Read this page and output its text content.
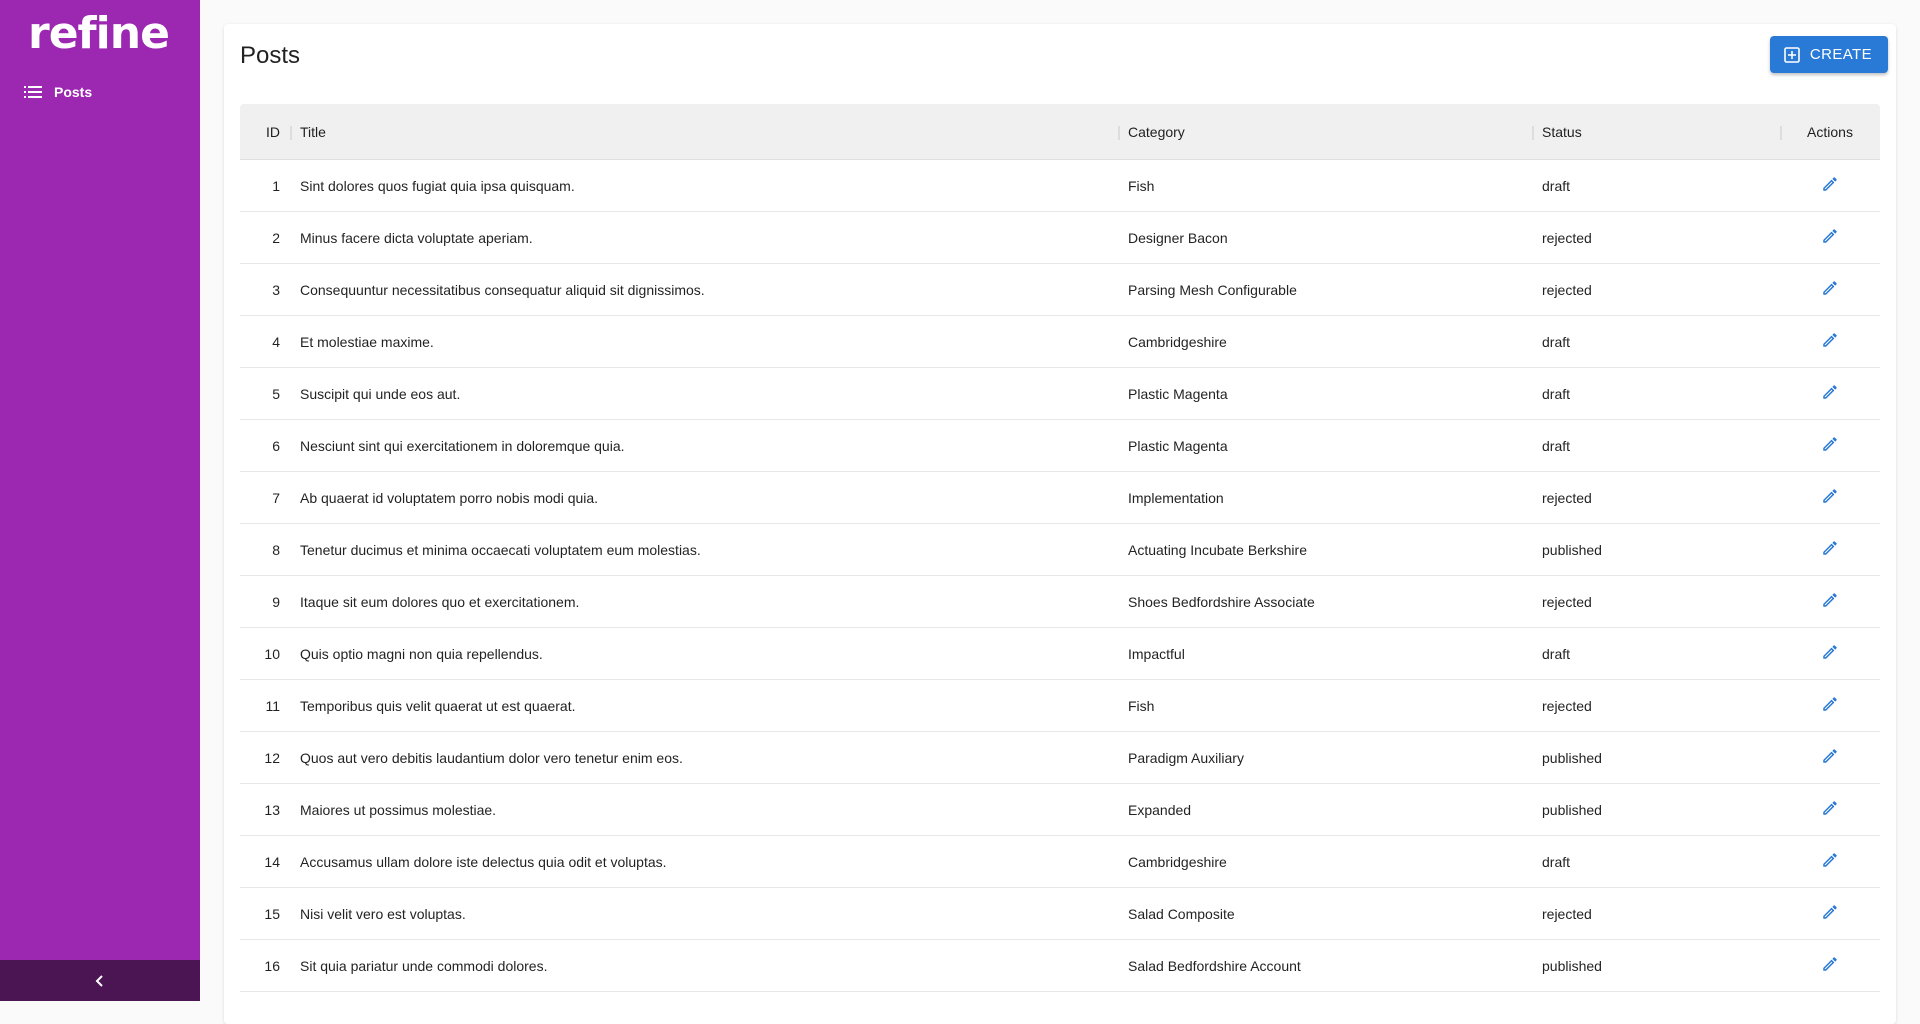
refine
Posts
Posts	CREATE
ID	Title	Category	Status	Actions
1	Sint dolores quos fugiat quia ipsa quisquam.	Fish	draft
2	Minus facere dicta voluptate aperiam.	Designer Bacon	rejected
3	Consequuntur necessitatibus consequatur aliquid sit dignissimos.	Parsing Mesh Configurable	rejected
4	Et molestiae maxime.	Cambridgeshire	draft
5	Suscipit qui unde eos aut.	Plastic Magenta	draft
6	Nesciunt sint qui exercitationem in doloremque quia.	Plastic Magenta	draft
7	Ab quaerat id voluptatem porro nobis modi quia.	Implementation	rejected
8	Tenetur ducimus et minima occaecati voluptatem eum molestias.	Actuating Incubate Berkshire	published
9	Itaque sit eum dolores quo et exercitationem.	Shoes Bedfordshire Associate	rejected
10	Quis optio magni non quia repellendus.	Impactful	draft
11	Temporibus quis velit quaerat ut est quaerat.	Fish	rejected
12	Quos aut vero debitis laudantium dolor vero tenetur enim eos.	Paradigm Auxiliary	published
13	Maiores ut possimus molestiae.	Expanded	published
14	Accusamus ullam dolore iste delectus quia odit et voluptas.	Cambridgeshire	draft
15	Nisi velit vero est voluptas.	Salad Composite	rejected
16	Sit quia pariatur unde commodi dolores.	Salad Bedfordshire Account	published
